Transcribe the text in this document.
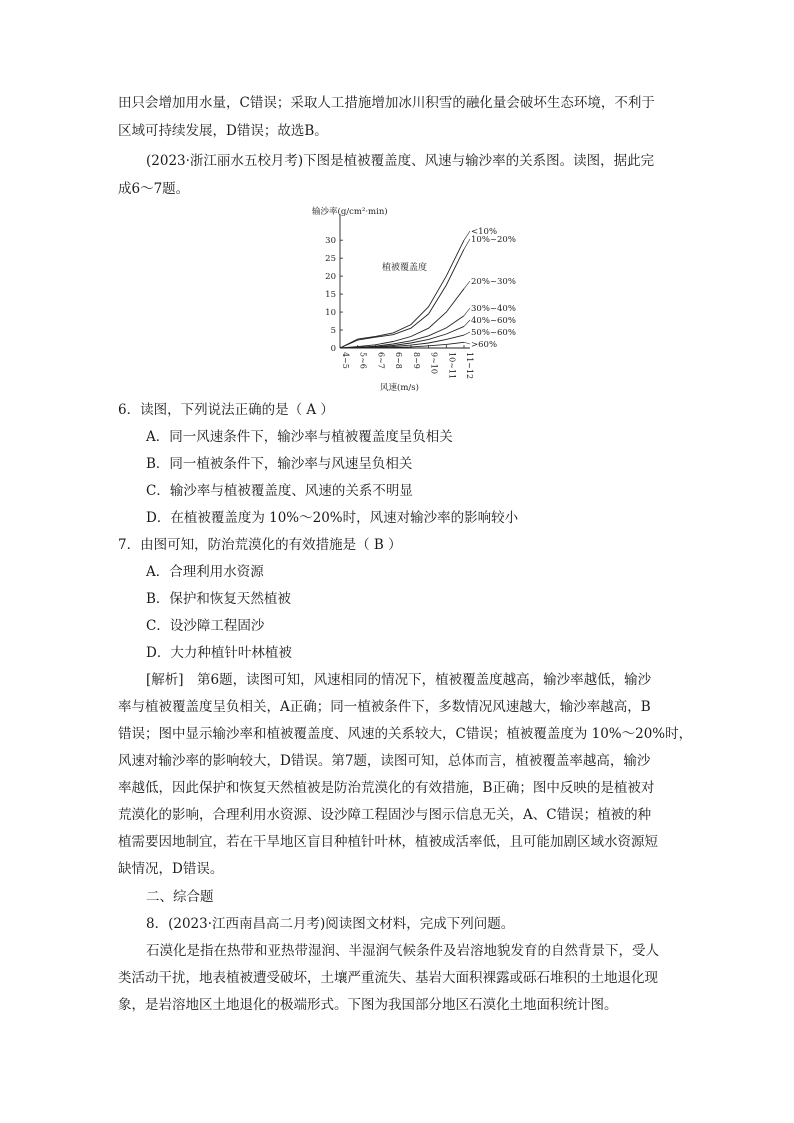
田只会增加用水量，C错误；采取人工措施增加冰川积雪的融化量会破坏生态环境，不利于
区域可持续发展，D错误；故选B。
(2023·浙江丽水五校月考)下图是植被覆盖度、风速与输沙率的关系图。读图，据此完
成6～7题。
输沙率(g/cm²·min)
0
5
10
15
20
25
30
4~5 5~6 6~7 6~8 8~9 9~10 10~11 11~12
风速(m/s)
植被覆盖度
<10%
10%~20%
20%~30%
30%~40%
40%~60%
50%~60%
>60%
6．读图，下列说法正确的是（ A ）
A．同一风速条件下，输沙率与植被覆盖度呈负相关
B．同一植被条件下，输沙率与风速呈负相关
C．输沙率与植被覆盖度、风速的关系不明显
D．在植被覆盖度为 10%～20%时，风速对输沙率的影响较小
7．由图可知，防治荒漠化的有效措施是（ B ）
A．合理利用水资源
B．保护和恢复天然植被
C．设沙障工程固沙
D．大力种植针叶林植被
[解析]　第6题，读图可知，风速相同的情况下，植被覆盖度越高，输沙率越低，输沙
率与植被覆盖度呈负相关，A正确；同一植被条件下，多数情况风速越大，输沙率越高，B
错误；图中显示输沙率和植被覆盖度、风速的关系较大，C错误；植被覆盖度为 10%～20%时，
风速对输沙率的影响较大，D错误。第7题，读图可知，总体而言，植被覆盖率越高，输沙
率越低，因此保护和恢复天然植被是防治荒漠化的有效措施，B正确；图中反映的是植被对
荒漠化的影响，合理利用水资源、设沙障工程固沙与图示信息无关，A、C错误；植被的种
植需要因地制宜，若在干旱地区盲目种植针叶林，植被成活率低，且可能加剧区域水资源短
缺情况，D错误。
二、综合题
8．(2023·江西南昌高二月考)阅读图文材料，完成下列问题。
石漠化是指在热带和亚热带湿润、半湿润气候条件及岩溶地貌发育的自然背景下，受人
类活动干扰，地表植被遭受破坏，土壤严重流失、基岩大面积裸露或砾石堆积的土地退化现
象，是岩溶地区土地退化的极端形式。下图为我国部分地区石漠化土地面积统计图。
